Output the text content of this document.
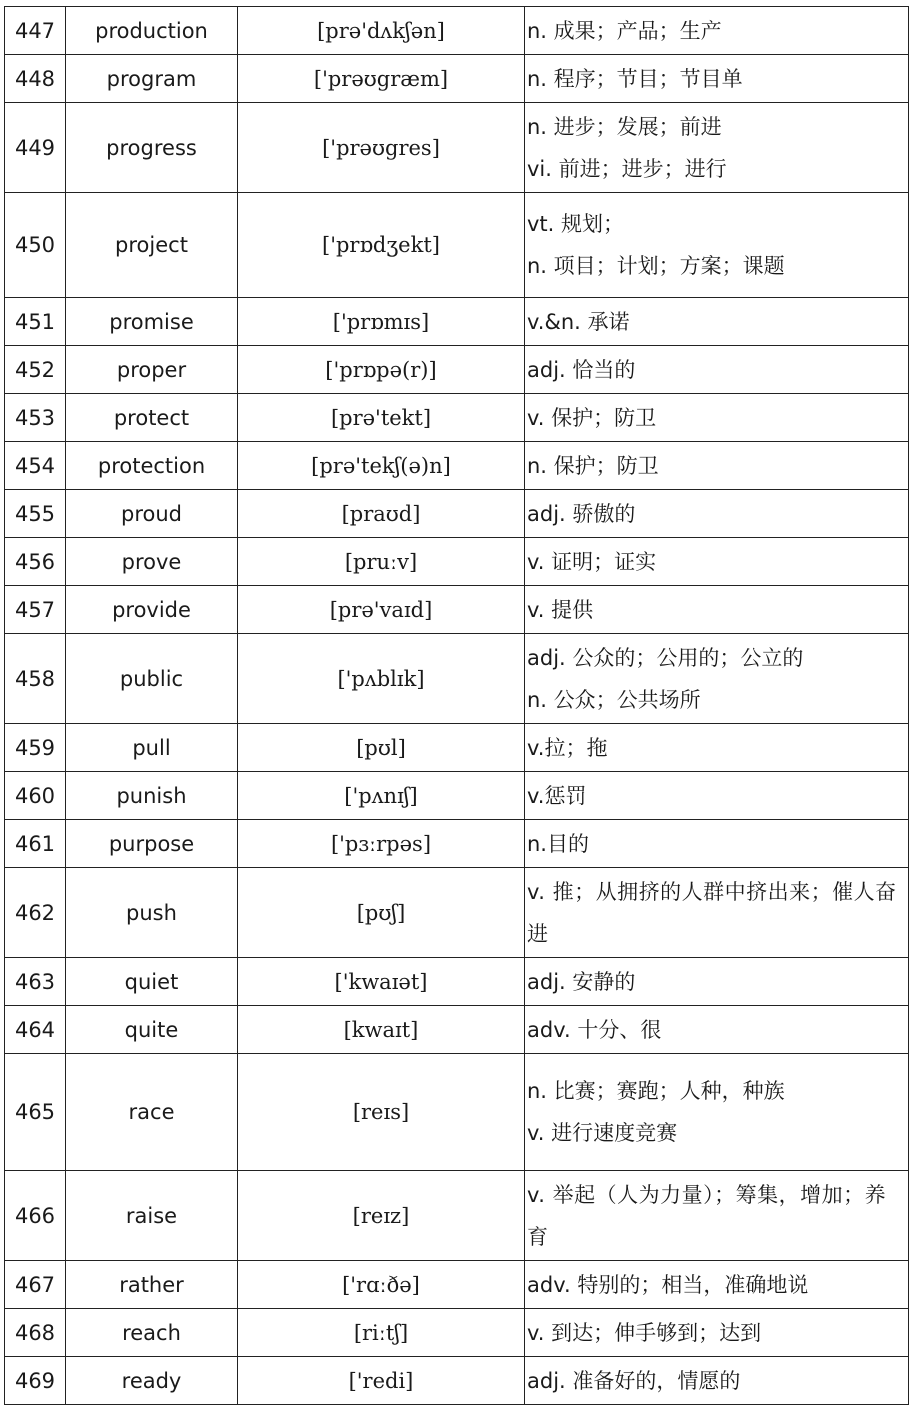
447	production	[prə'dʌkʃən]	n. 成果；产品；生产

448	program	['prəʊgræm]	n. 程序；节目；节目单

449	progress	['prəʊgres]	n. 进步；发展；前进
vi. 前进；进步；进行

450	project	['prɒdʒekt]	vt. 规划；
n. 项目；计划；方案；课题

451	promise	['prɒmɪs]	v.&n. 承诺

452	proper	['prɒpə(r)]	adj. 恰当的

453	protect	[prə'tekt]	v. 保护；防卫

454	protection	[prə'tekʃ(ə)n]	n. 保护；防卫

455	proud	[praʊd]	adj. 骄傲的

456	prove	[pruːv]	v. 证明；证实

457	provide	[prə'vaɪd]	v. 提供

458	public	['pʌblɪk]	adj. 公众的；公用的；公立的
n. 公众；公共场所

459	pull	[pʊl]	v.拉；拖

460	punish	['pʌnɪʃ]	v.惩罚

461	purpose	['pɜːrpəs]	n.目的

462	push	[pʊʃ]	v. 推；从拥挤的人群中挤出来；催人奋进

463	quiet	['kwaɪət]	adj. 安静的

464	quite	[kwaɪt]	adv. 十分、很

465	race	[reɪs]	n. 比赛；赛跑；人种，种族
v. 进行速度竞赛

466	raise	[reɪz]	v. 举起（人为力量）；筹集，增加；养育

467	rather	['rɑːðə]	adv. 特别的；相当，准确地说

468	reach	[riːtʃ]	v. 到达；伸手够到；达到

469	ready	['redi]	adj. 准备好的，情愿的
